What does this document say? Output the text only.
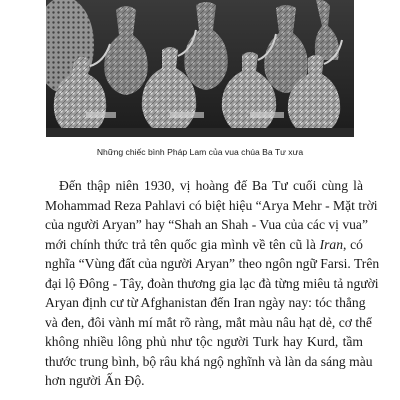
Những chiếc bình Pháp Lam của vua chúa Ba Tư xưa
Đến thập niên 1930, vị hoàng đế Ba Tư cuối cùng là
Mohammad Reza Pahlavi có biệt hiệu “Arya Mehr - Mặt trời
của người Aryan” hay “Shah an Shah - Vua của các vị vua”
mới chính thức trả tên quốc gia mình về tên cũ là Iran, có
nghĩa “Vùng đất của người Aryan” theo ngôn ngữ Farsi. Trên
đại lộ Đông - Tây, đoàn thương gia lạc đà từng miêu tả người
Aryan định cư từ Afghanistan đến Iran ngày nay: tóc thẳng
và đen, đôi vành mí mắt rõ ràng, mắt màu nâu hạt dẻ, cơ thể
không nhiều lông phủ như tộc người Turk hay Kurd, tầm
thước trung bình, bộ râu khá ngộ nghĩnh và làn da sáng màu
hơn người Ấn Độ.
